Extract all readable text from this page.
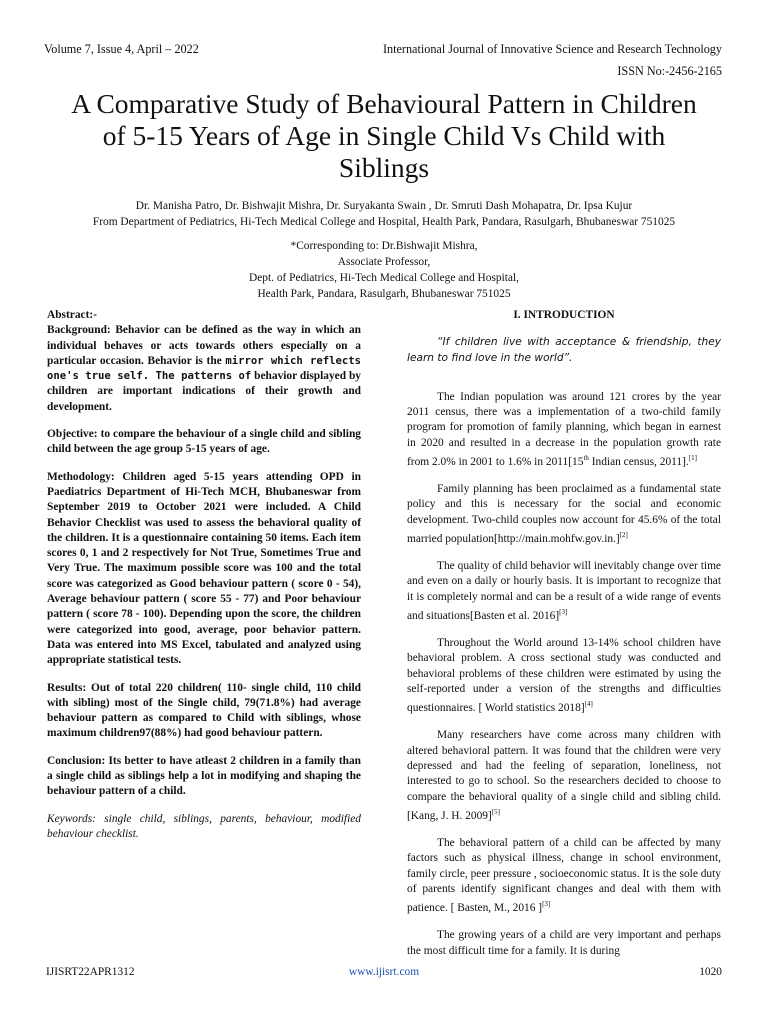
Volume 7, Issue 4, April – 2022	International Journal of Innovative Science and Research Technology
ISSN No:-2456-2165
A Comparative Study of Behavioural Pattern in Children of 5-15 Years of Age in Single Child Vs Child with Siblings
Dr. Manisha Patro, Dr. Bishwajit Mishra, Dr. Suryakanta Swain , Dr. Smruti Dash Mohapatra, Dr. Ipsa Kujur
From Department of Pediatrics, Hi-Tech Medical College and Hospital, Health Park, Pandara, Rasulgarh, Bhubaneswar 751025
*Corresponding to: Dr.Bishwajit Mishra,
Associate Professor,
Dept. of Pediatrics, Hi-Tech Medical College and Hospital,
Health Park, Pandara, Rasulgarh, Bhubaneswar 751025

Abstract:-
Background: Behavior can be defined as the way in which an individual behaves or acts towards others especially on a particular occasion. Behavior is the mirror which reflects one's true self. The patterns of behavior displayed by children are important indications of their growth and development.

Objective: to compare the behaviour of a single child and sibling child between the age group 5-15 years of age.

Methodology: Children aged 5-15 years attending OPD in Paediatrics Department of Hi-Tech MCH, Bhubaneswar from September 2019 to October 2021 were included. A Child Behavior Checklist was used to assess the behavioral quality of the children. It is a questionnaire containing 50 items. Each item scores 0, 1 and 2 respectively for Not True, Sometimes True and Very True. The maximum possible score was 100 and the total score was categorized as Good behaviour pattern ( score 0 - 54), Average behaviour pattern ( score 55 - 77) and Poor behaviour pattern ( score 78 - 100). Depending upon the score, the children were categorized into good, average, poor behavior pattern. Data was entered into MS Excel, tabulated and analyzed using appropriate statistical tests.

Results: Out of total 220 children( 110- single child, 110 child with sibling) most of the Single child, 79(71.8%) had average behaviour pattern as compared to Child with siblings, whose maximum children97(88%) had good behaviour pattern.

Conclusion: Its better to have atleast 2 children in a family than a single child as siblings help a lot in modifying and shaping the behaviour pattern of a child.

Keywords: single child, siblings, parents, behaviour, modified behaviour checklist.

I. INTRODUCTION

“If children live with acceptance & friendship, they learn to find love in the world”.

The Indian population was around 121 crores by the year 2011 census, there was a implementation of a two-child family program for promotion of family planning, which began in earnest in 2020 and resulted in a decrease in the population growth rate from 2.0% in 2001 to 1.6% in 2011[15th Indian census, 2011].[1]

Family planning has been proclaimed as a fundamental state policy and this is necessary for the social and economic development. Two-child couples now account for 45.6% of the total married population[http://main.mohfw.gov.in.][2]

The quality of child behavior will inevitably change over time and even on a daily or hourly basis. It is important to recognize that it is completely normal and can be a result of a wide range of events and situations[Basten et al. 2016][3]

Throughout the World around 13-14% school children have behavioral problem. A cross sectional study was conducted and behavioral problems of these children were estimated by using the self-reported under a version of the strengths and difficulties questionnaires. [ World statistics 2018][4]

Many researchers have come across many children with altered behavioral pattern. It was found that the children were very depressed and had the feeling of separation, loneliness, not interested to go to school. So the researchers decided to choose to compare the behavioral quality of a single child and sibling child. [Kang, J. H. 2009][5]

The behavioral pattern of a child can be affected by many factors such as physical illness, change in school environment, family circle, peer pressure , socioeconomic status. It is the sole duty of parents identify significant changes and deal with them with patience. [ Basten, M., 2016 ][3]

The growing years of a child are very important and perhaps the most difficult time for a family. It is during

IJISRT22APR1312	www.ijisrt.com	1020
